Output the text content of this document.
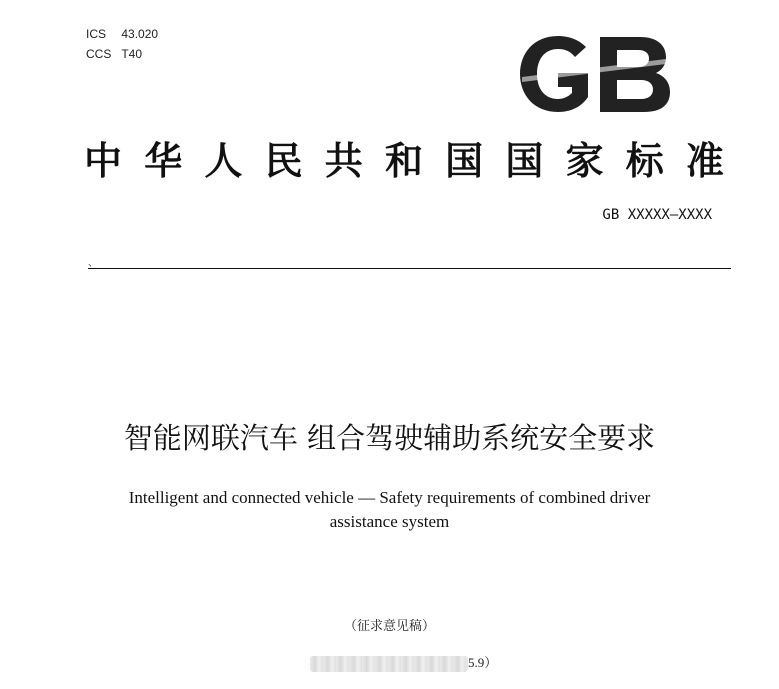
ICS 43.020
CCS T40
中 华 人 民 共 和 国 国 家 标 准
GB XXXXX—XXXX
、
智能网联汽车 组合驾驶辅助系统安全要求
Intelligent and connected vehicle — Safety requirements of combined driver
assistance system
（征求意见稿）
5.9）
